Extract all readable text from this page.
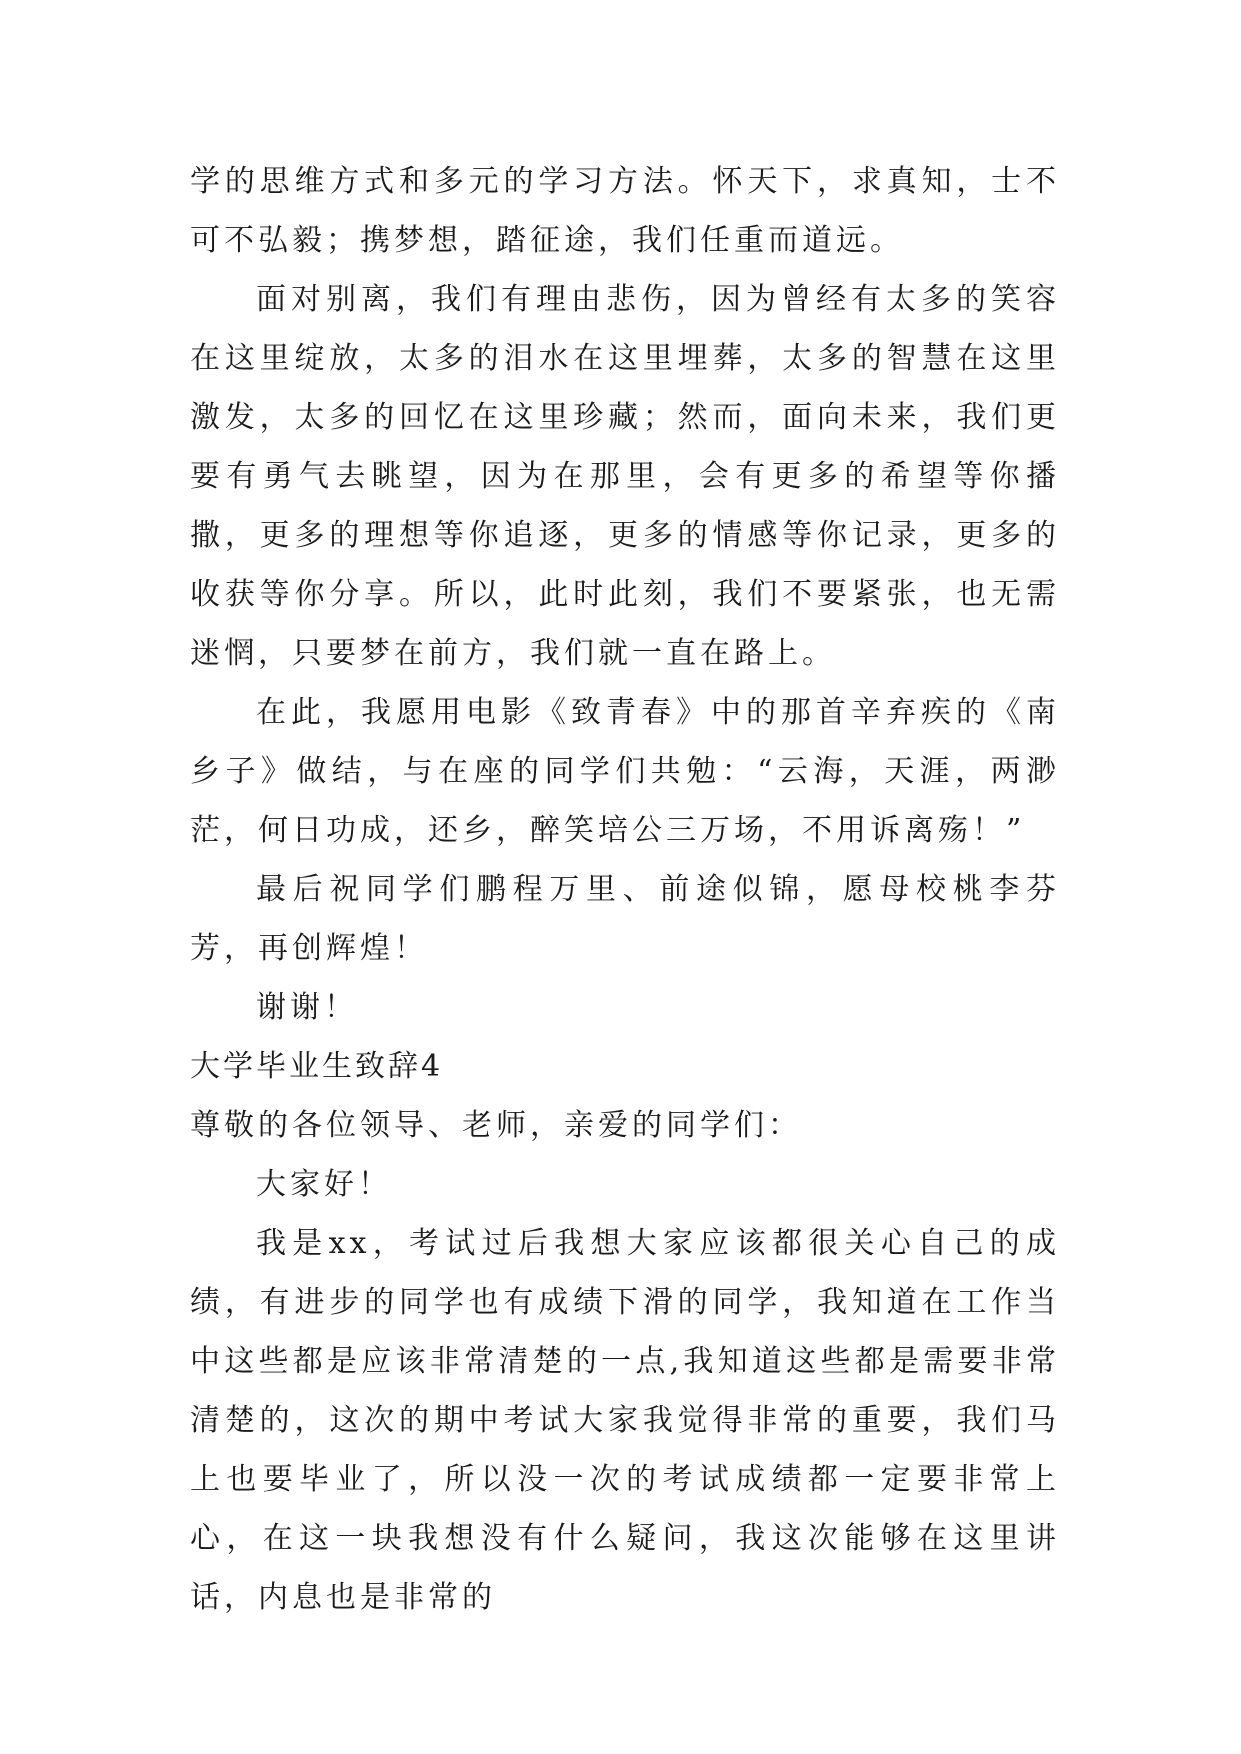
学的思维方式和多元的学习方法。怀天下，求真知，士不可不弘毅；携梦想，踏征途，我们任重而道远。

面对别离，我们有理由悲伤，因为曾经有太多的笑容在这里绽放，太多的泪水在这里埋葬，太多的智慧在这里激发，太多的回忆在这里珍藏；然而，面向未来，我们更要有勇气去眺望，因为在那里，会有更多的希望等你播撒，更多的理想等你追逐，更多的情感等你记录，更多的收获等你分享。所以，此时此刻，我们不要紧张，也无需迷惘，只要梦在前方，我们就一直在路上。

在此，我愿用电影《致青春》中的那首辛弃疾的《南乡子》做结，与在座的同学们共勉：“云海，天涯，两渺茫，何日功成，还乡，醉笑培公三万场，不用诉离殇！”

最后祝同学们鹏程万里、前途似锦，愿母校桃李芬芳，再创辉煌！

谢谢！

大学毕业生致辞4

尊敬的各位领导、老师，亲爱的同学们：

大家好！

我是xx，考试过后我想大家应该都很关心自己的成绩，有进步的同学也有成绩下滑的同学，我知道在工作当中这些都是应该非常清楚的一点,我知道这些都是需要非常清楚的，这次的期中考试大家我觉得非常的重要，我们马上也要毕业了，所以没一次的考试成绩都一定要非常上心，在这一块我想没有什么疑问，我这次能够在这里讲话，内息也是非常的
